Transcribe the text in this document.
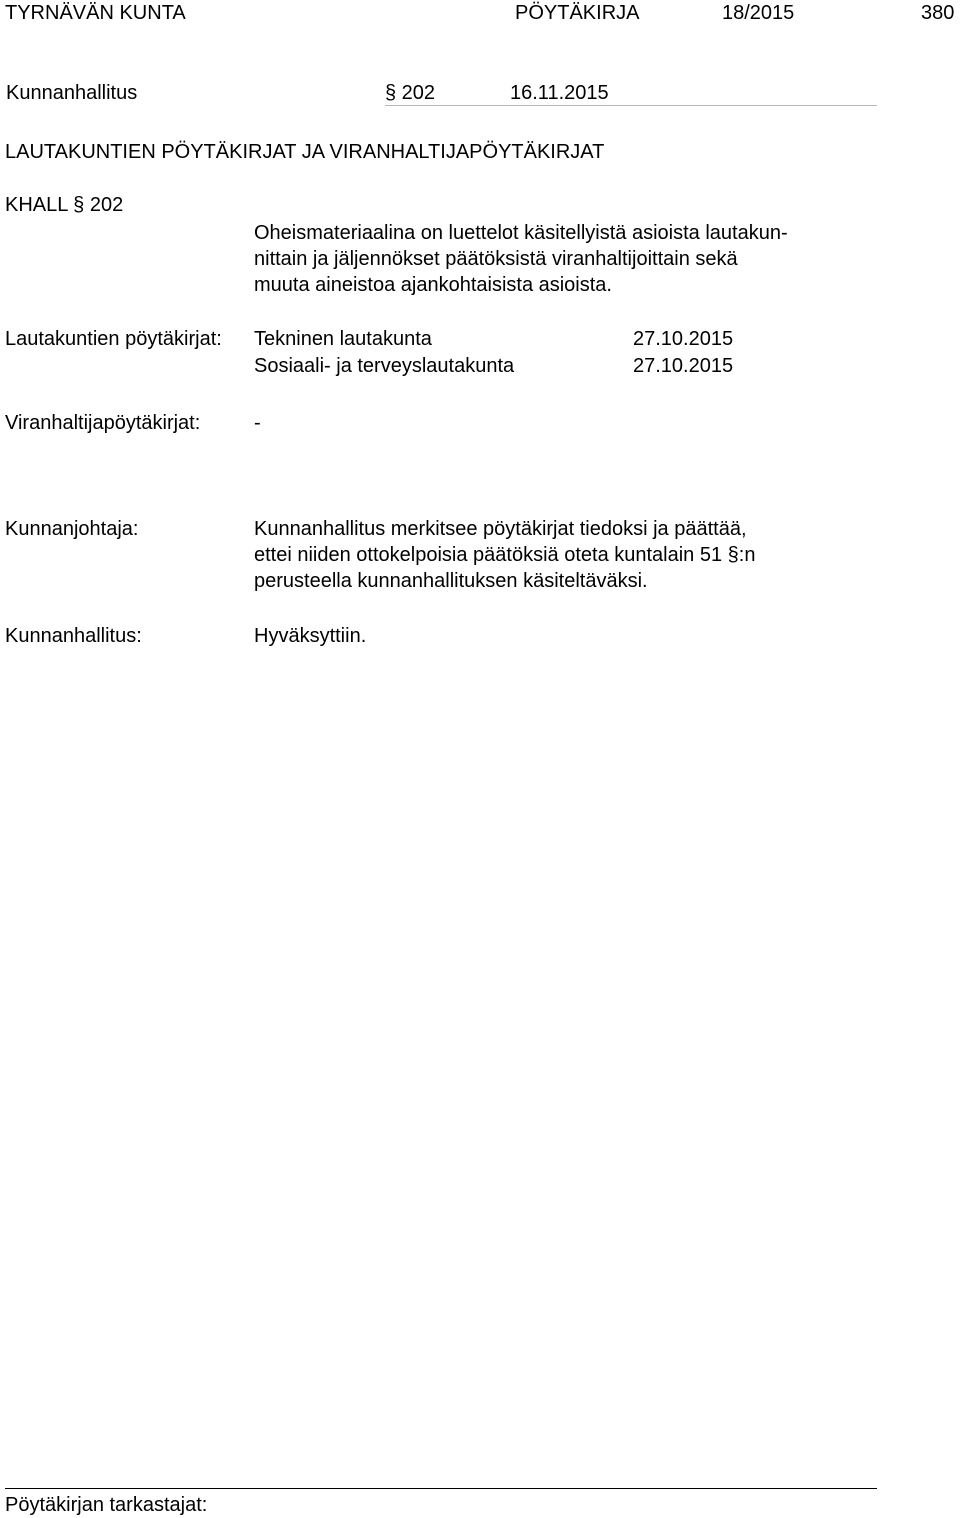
TYRNÄVÄN KUNTA	PÖYTÄKIRJA	18/2015	380
Kunnanhallitus	§ 202	16.11.2015
LAUTAKUNTIEN PÖYTÄKIRJAT JA VIRANHALTIJAPÖYTÄKIRJAT
KHALL § 202
Oheismateriaalina on luettelot käsitellyistä asioista lautakun-
nittain ja jäljennökset päätöksistä viranhaltijoittain sekä
muuta aineistoa ajankohtaisista asioista.
Lautakuntien pöytäkirjat: Tekninen lautakunta	27.10.2015
Sosiaali- ja terveyslautakunta	27.10.2015
Viranhaltijapöytäkirjat:	-
Kunnanjohtaja:	Kunnanhallitus merkitsee pöytäkirjat tiedoksi ja päättää,
ettei niiden ottokelpoisia päätöksiä oteta kuntalain 51 §:n
perusteella kunnanhallituksen käsiteltäväksi.
Kunnanhallitus:	Hyväksyttiin.
Pöytäkirjan tarkastajat:
